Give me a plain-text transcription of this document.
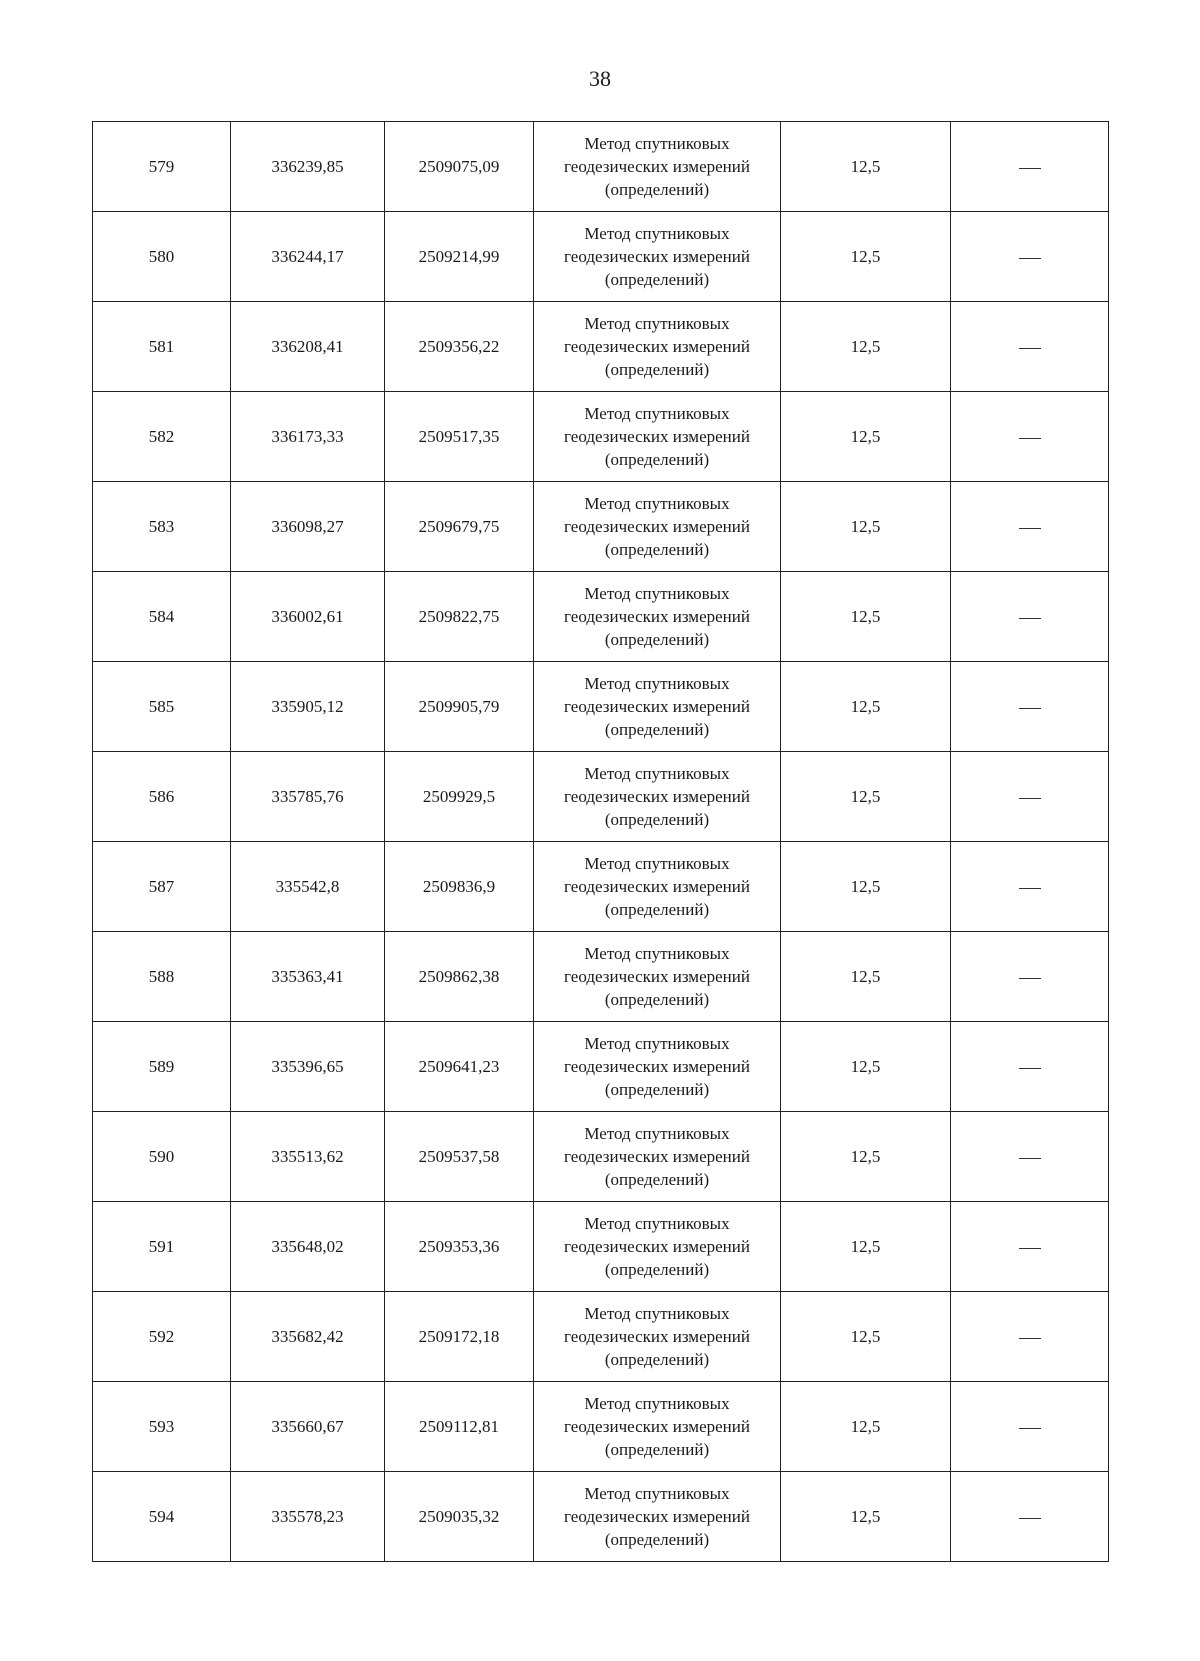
38
579	336239,85	2509075,09	Метод спутниковых
геодезических измерений
(определений)	12,5	
580	336244,17	2509214,99	Метод спутниковых
геодезических измерений
(определений)	12,5	
581	336208,41	2509356,22	Метод спутниковых
геодезических измерений
(определений)	12,5	
582	336173,33	2509517,35	Метод спутниковых
геодезических измерений
(определений)	12,5	
583	336098,27	2509679,75	Метод спутниковых
геодезических измерений
(определений)	12,5	
584	336002,61	2509822,75	Метод спутниковых
геодезических измерений
(определений)	12,5	
585	335905,12	2509905,79	Метод спутниковых
геодезических измерений
(определений)	12,5	
586	335785,76	2509929,5	Метод спутниковых
геодезических измерений
(определений)	12,5	
587	335542,8	2509836,9	Метод спутниковых
геодезических измерений
(определений)	12,5	
588	335363,41	2509862,38	Метод спутниковых
геодезических измерений
(определений)	12,5	
589	335396,65	2509641,23	Метод спутниковых
геодезических измерений
(определений)	12,5	
590	335513,62	2509537,58	Метод спутниковых
геодезических измерений
(определений)	12,5	
591	335648,02	2509353,36	Метод спутниковых
геодезических измерений
(определений)	12,5	
592	335682,42	2509172,18	Метод спутниковых
геодезических измерений
(определений)	12,5	
593	335660,67	2509112,81	Метод спутниковых
геодезических измерений
(определений)	12,5	
594	335578,23	2509035,32	Метод спутниковых
геодезических измерений
(определений)	12,5	
